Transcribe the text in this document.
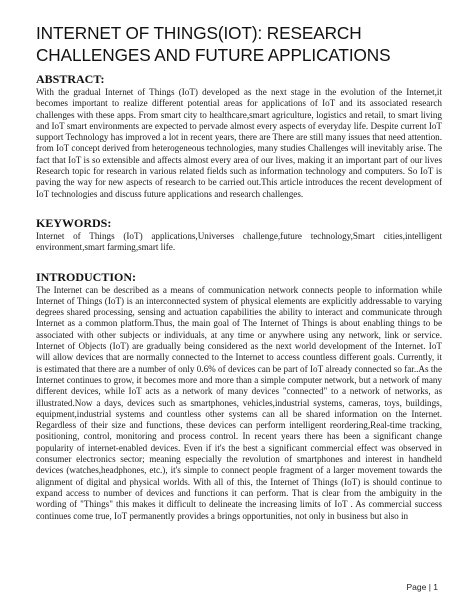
INTERNET OF THINGS(IOT): RESEARCH CHALLENGES AND FUTURE APPLICATIONS
ABSTRACT:

With the gradual Internet of Things (IoT) developed as the next stage in the evolution of the Internet,it becomes important to realize different potential areas for applications of IoT and its associated research challenges with these apps. From smart city to healthcare,smart agriculture, logistics and retail, to smart living and IoT smart environments are expected to pervade almost every aspects of everyday life. Despite current IoT support Technology has improved a lot in recent years, there are There are still many issues that need attention. from IoT concept derived from heterogeneous technologies, many studies Challenges will inevitably arise. The fact that IoT is so extensible and affects almost every area of our lives, making it an important part of our lives Research topic for research in various related fields such as information technology and computers. So IoT is paving the way for new aspects of research to be carried out.This article introduces the recent development of IoT technologies and discuss future applications and research challenges.

KEYWORDS:

Internet of Things (IoT) applications,Universes challenge,future technology,Smart cities,intelligent environment,smart farming,smart life.

INTRODUCTION:

The Internet can be described as a means of communication network connects people to information while Internet of Things (IoT) is an interconnected system of physical elements are explicitly addressable to varying degrees shared processing, sensing and actuation capabilities the ability to interact and communicate through Internet as a common platform.Thus, the main goal of The Internet of Things is about enabling things to be associated with other subjects or individuals, at any time or anywhere using any network, link or service. Internet of Objects (IoT) are gradually being considered as the next world development of the Internet. IoT will allow devices that are normally connected to the Internet to access countless different goals. Currently, it is estimated that there are a number of only 0.6% of devices can be part of IoT already connected so far..As the Internet continues to grow, it becomes more and more than a simple computer network, but a network of many different devices, while IoT acts as a network of many devices "connected" to a network of networks, as illustrated.Now a days, devices such as smartphones, vehicles,industrial systems, cameras, toys, buildings, equipment,industrial systems and countless other systems can all be shared information on the Internet. Regardless of their size and functions, these devices can perform intelligent reordering,Real-time tracking, positioning, control, monitoring and process control. In recent years there has been a significant change popularity of internet-enabled devices. Even if it's the best a significant commercial effect was observed in consumer electronics sector; meaning especially the revolution of smartphones and interest in handheld devices (watches,headphones, etc.), it's simple to connect people fragment of a larger movement towards the alignment of digital and physical worlds. With all of this, the Internet of Things (IoT) is should continue to expand access to number of devices and functions it can perform. That is clear from the ambiguity in the wording of "Things" this makes it difficult to delineate the increasing limits of IoT . As commercial success continues come true, IoT permanently provides a brings opportunities, not only in business but also in

Page | 1
